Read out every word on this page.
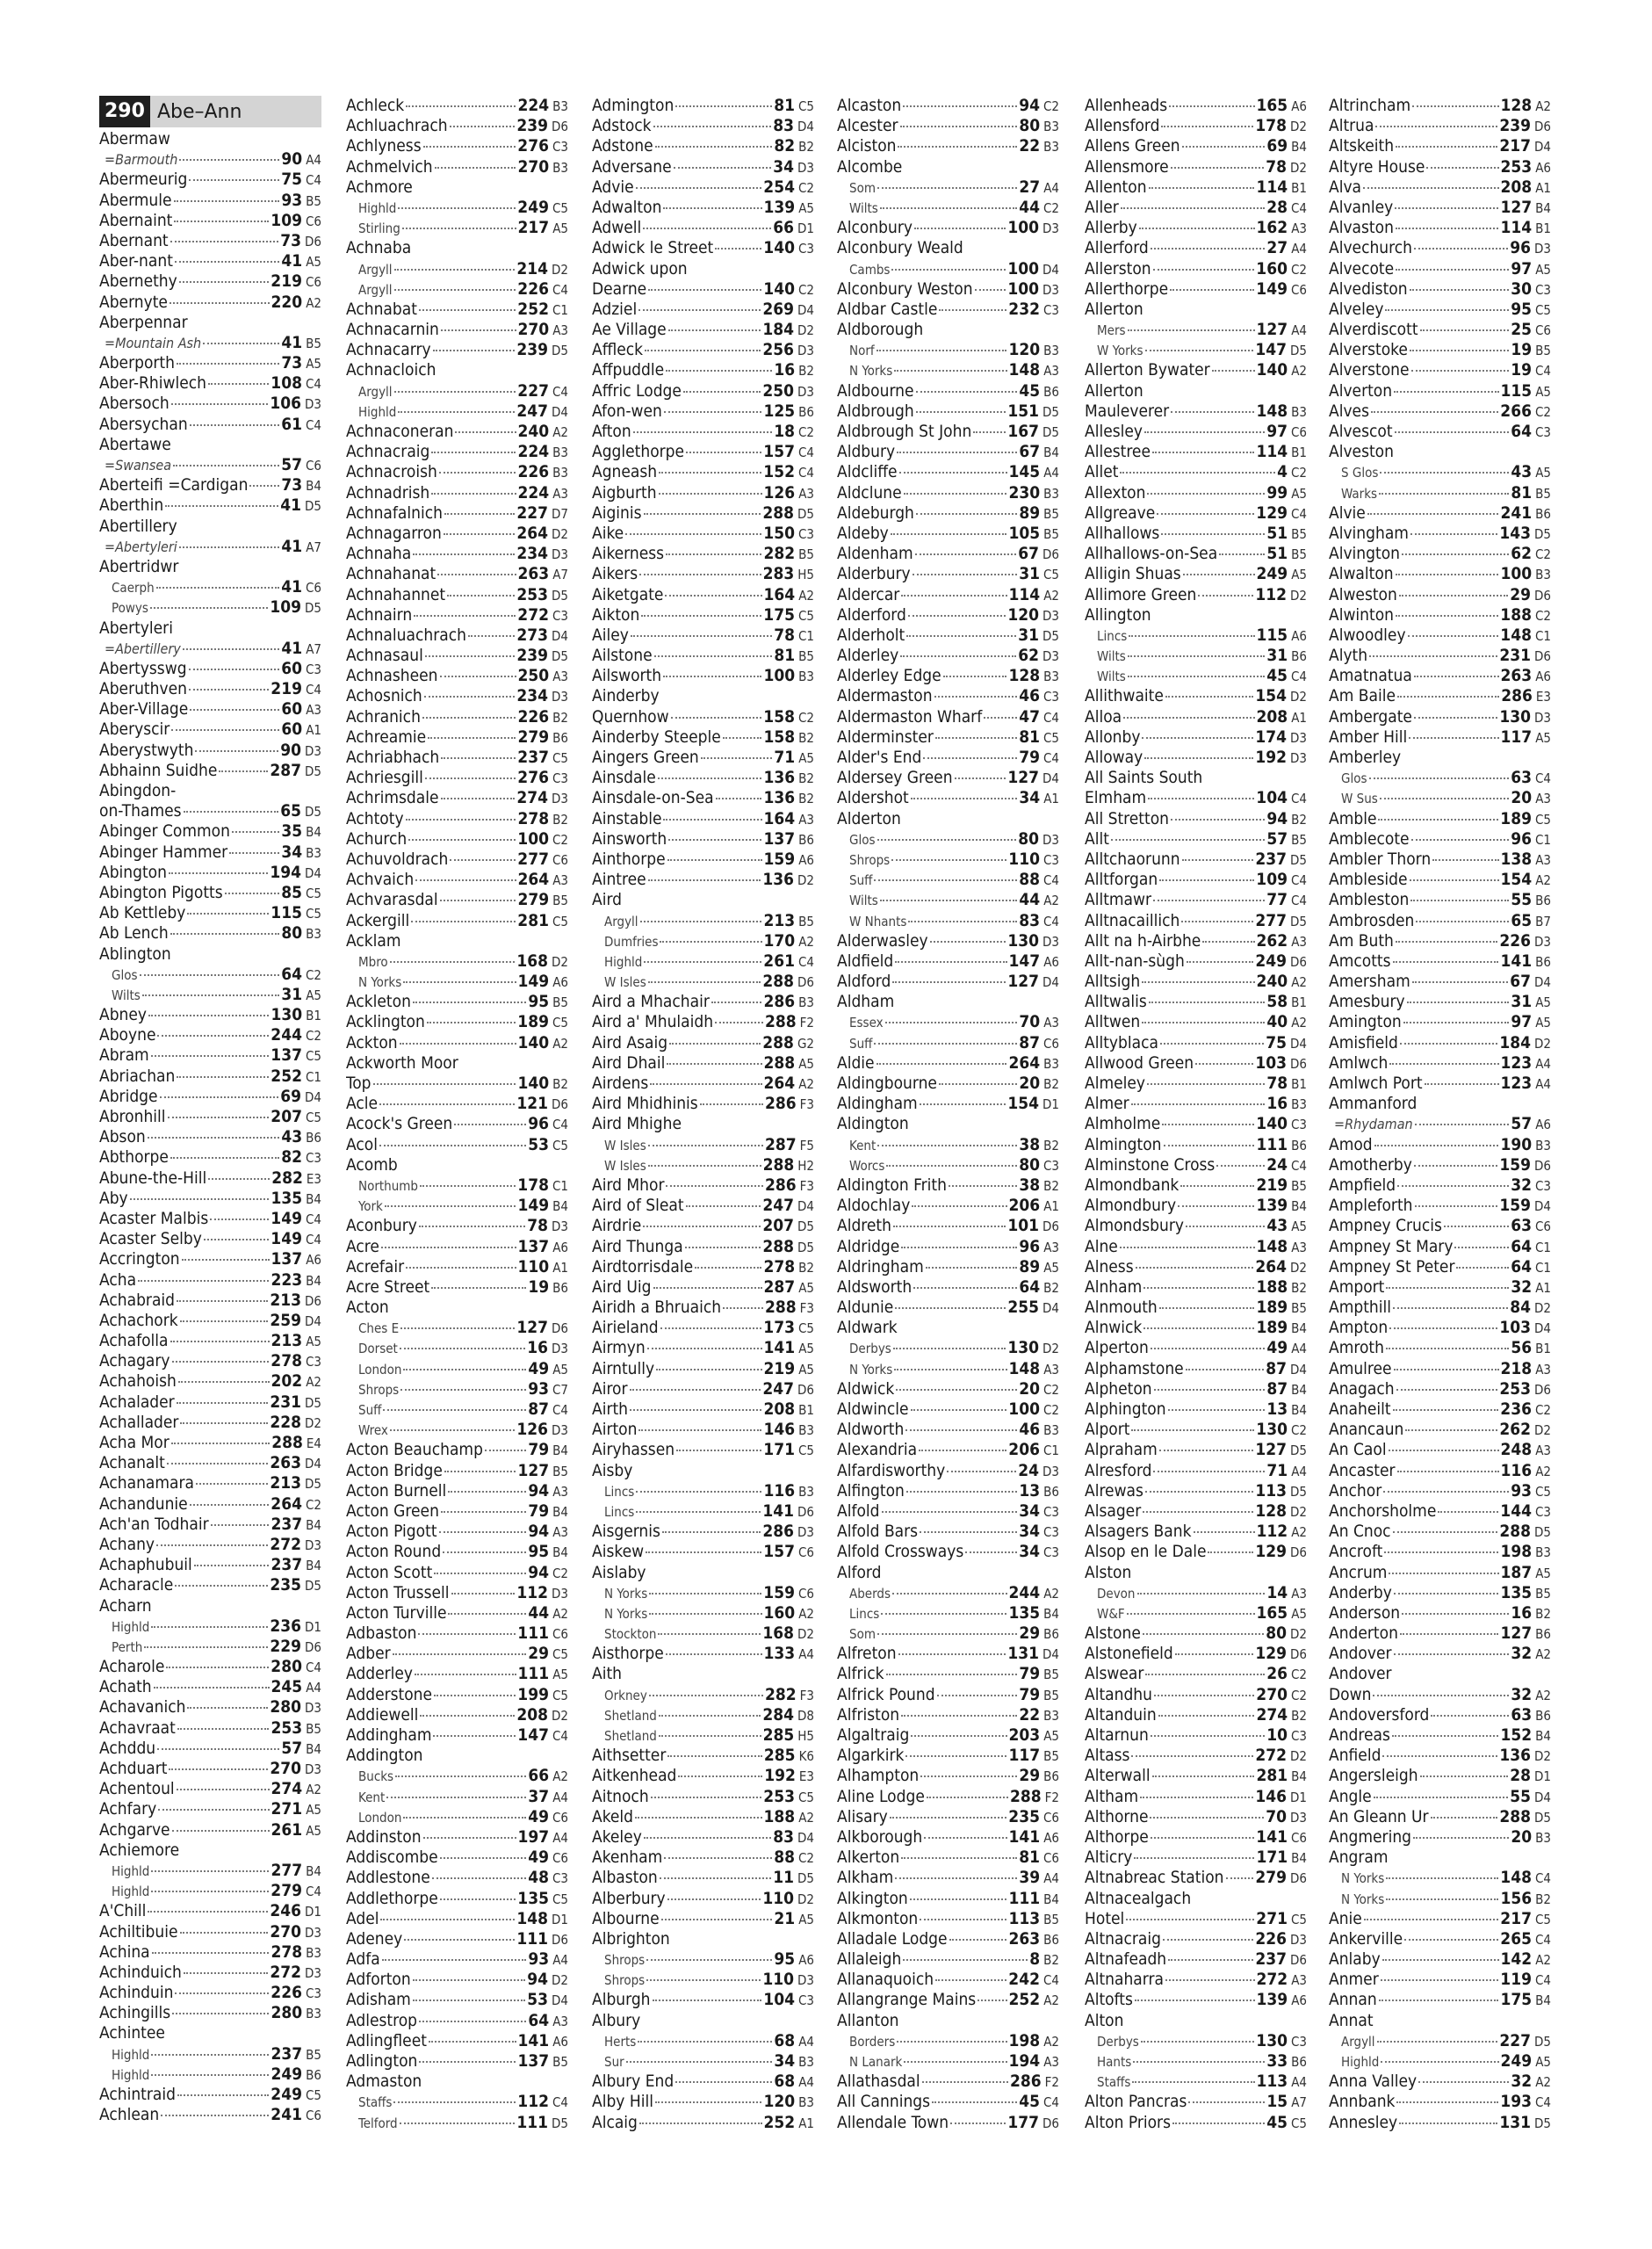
290 Abe–Ann
Abermaw
=Barmouth	90 A4
Abermeurig	75 C4
Abermule	93 B5
Abernaint	109 C6
Abernant	73 D6
Aber-nant	41 A5
Abernethy	219 C6
Abernyte	220 A2
Aberpennar
=Mountain Ash	41 B5
Aberporth	73 A5
Aber-Rhiwlech	108 C4
Abersoch	106 D3
Abersychan	61 C4
Abertawe
=Swansea	57 C6
Aberteifi =Cardigan 73 B4
Aberthin	41 D5
Abertillery
=Abertyleri	41 A7
Abertridwr
Caerph	41 C6
Powys	109 D5
Abertyleri
=Abertillery	41 A7
Abertysswg	60 C3
Aberuthven	219 C4
Aber-Village	60 A3
Aberyscir	60 A1
Aberystwyth	90 D3
Abhainn Suidhe	287 D5
Abingdon-
on-Thames	65 D5
Abinger Common	35 B4
Abinger Hammer	34 B3
Abington	194 D4
Abington Pigotts	85 C5
Ab Kettleby	115 C5
Ab Lench	80 B3
Ablington
Glos	64 C2
Wilts	31 A5
Abney	130 B1
Aboyne	244 C2
Abram	137 C5
Abriachan	252 C1
Abridge	69 D4
Abronhill	207 C5
Abson	43 B6
Abthorpe	82 C3
Abune-the-Hill	282 E3
Aby	135 B4
Acaster Malbis	149 C4
Acaster Selby	149 C4
Accrington	137 A6
Acha	223 B4
Achabraid	213 D6
Achachork	259 D4
Achafolla	213 A5
Achagary	278 C3
Achahoish	202 A2
Achalader	231 D5
Achallader	228 D2
Acha Mor	288 E4
Achanalt	263 D4
Achanamara	213 D5
Achandunie	264 C2
Ach'an Todhair	237 B4
Achany	272 D3
Achaphubuil	237 B4
Acharacle	235 D5
Acharn
Highld	236 D1
Perth	229 D6
Acharole	280 C4
Achath	245 A4
Achavanich	280 D3
Achavraat	253 B5
Achddu	57 B4
Achduart	270 D3
Achentoul	274 A2
Achfary	271 A5
Achgarve	261 A5
Achiemore
Highld	277 B4
Highld	279 C4
A'Chill	246 D1
Achiltibuie	270 D3
Achina	278 B3
Achinduich	272 D3
Achinduin	226 C3
Achingills	280 B3
Achintee
Highld	237 B5
Highld	249 B6
Achintraid	249 C5
Achlean	241 C6
Achleck	224 B3
Achluachrach	239 D6
Achlyness	276 C3
Achmelvich	270 B3
Achmore
Highld	249 C5
Stirling	217 A5
Achnaba
Argyll	214 D2
Argyll	226 C4
Achnabat	252 C1
Achnacarnin	270 A3
Achnacarry	239 D5
Achnacloich
Argyll	227 C4
Highld	247 D4
Achnaconeran	240 A2
Achnacraig	224 B3
Achnacroish	226 B3
Achnadrish	224 A3
Achnafalnich	227 D7
Achnagarron	264 D2
Achnaha	234 D3
Achnahanat	263 A7
Achnahannet	253 D5
Achnairn	272 C3
Achnaluachrach	273 D4
Achnasaul	239 D5
Achnasheen	250 A3
Achosnich	234 D3
Achranich	226 B2
Achreamie	279 B6
Achriabhach	237 C5
Achriesgill	276 C3
Achrimsdale	274 D3
Achtoty	278 B2
Achurch	100 C2
Achuvoldrach	277 C6
Achvaich	264 A3
Achvarasdal	279 B5
Ackergill	281 C5
Acklam
Mbro	168 D2
N Yorks	149 A6
Ackleton	95 B5
Acklington	189 C5
Ackton	140 A2
Ackworth Moor
Top	140 B2
Acle	121 D6
Acock's Green	96 C4
Acol	53 C5
Acomb
Northumb	178 C1
York	149 B4
Aconbury	78 D3
Acre	137 A6
Acrefair	110 A1
Acre Street	19 B6
Acton
Ches E	127 D6
Dorset	16 D3
London	49 A5
Shrops	93 C7
Suff	87 C4
Wrex	126 D3
Acton Beauchamp	79 B4
Acton Bridge	127 B5
Acton Burnell	94 A3
Acton Green	79 B4
Acton Pigott	94 A3
Acton Round	95 B4
Acton Scott	94 C2
Acton Trussell	112 D3
Acton Turville	44 A2
Adbaston	111 C6
Adber	29 C5
Adderley	111 A5
Adderstone	199 C5
Addiewell	208 D2
Addingham	147 C4
Addington
Bucks	66 A2
Kent	37 A4
London	49 C6
Addinston	197 A4
Addiscombe	49 C6
Addlestone	48 C3
Addlethorpe	135 C5
Adel	148 D1
Adeney	111 D6
Adfa	93 A4
Adforton	94 D2
Adisham	53 D4
Adlestrop	64 A3
Adlingfleet	141 A6
Adlington	137 B5
Admaston
Staffs	112 C4
Telford	111 D5
Admington	81 C5
Adstock	83 D4
Adstone	82 B2
Adversane	34 D3
Advie	254 C2
Adwalton	139 A5
Adwell	66 D1
Adwick le Street	140 C3
Adwick upon
Dearne	140 C2
Adziel	269 D4
Ae Village	184 D2
Affleck	256 D3
Affpuddle	16 B2
Affric Lodge	250 D3
Afon-wen	125 B6
Afton	18 C2
Agglethorpe	157 C4
Agneash	152 C4
Aigburth	126 A3
Aiginis	288 D5
Aike	150 C3
Aikerness	282 B5
Aikers	283 H5
Aiketgate	164 A2
Aikton	175 C5
Ailey	78 C1
Ailstone	81 B5
Ailsworth	100 B3
Ainderby
Quernhow	158 C2
Ainderby Steeple	158 B2
Aingers Green	71 A5
Ainsdale	136 B2
Ainsdale-on-Sea	136 B2
Ainstable	164 A3
Ainsworth	137 B6
Ainthorpe	159 A6
Aintree	136 D2
Aird
Argyll	213 B5
Dumfries	170 A2
Highld	261 C4
W Isles	288 D6
Aird a Mhachair	286 B3
Aird a' Mhulaidh	288 F2
Aird Asaig	288 G2
Aird Dhail	288 A5
Airdens	264 A2
Aird Mhidhinis	286 F3
Aird Mhighe
W Isles	287 F5
W Isles	288 H2
Aird Mhor	286 F3
Aird of Sleat	247 D4
Airdrie	207 D5
Aird Thunga	288 D5
Airdtorrisdale	278 B2
Aird Uig	287 A5
Airidh a Bhruaich	288 F3
Airieland	173 C5
Airmyn	141 A5
Airntully	219 A5
Airor	247 D6
Airth	208 B1
Airton	146 B3
Airyhassen	171 C5
Aisby
Lincs	116 B3
Lincs	141 D6
Aisgernis	286 D3
Aiskew	157 C6
Aislaby
N Yorks	159 C6
N Yorks	160 A2
Stockton	168 D2
Aisthorpe	133 A4
Aith
Orkney	282 F3
Shetland	284 D8
Shetland	285 H5
Aithsetter	285 K6
Aitkenhead	192 E3
Aitnoch	253 C5
Akeld	188 A2
Akeley	83 D4
Akenham	88 C2
Albaston	11 D5
Alberbury	110 D2
Albourne	21 A5
Albrighton
Shrops	95 A6
Shrops	110 D3
Alburgh	104 C3
Albury
Herts	68 A4
Sur	34 B3
Albury End	68 A4
Alby Hill	120 B3
Alcaig	252 A1
Alcaston	94 C2
Alcester	80 B3
Alciston	22 B3
Alcombe
Som	27 A4
Wilts	44 C2
Alconbury	100 D3
Alconbury Weald
Cambs	100 D4
Alconbury Weston 100 D3
Aldbar Castle	232 C3
Aldborough
Norf	120 B3
N Yorks	148 A3
Aldbourne	45 B6
Aldbrough	151 D5
Aldbrough St John 167 D5
Aldbury	67 B4
Aldcliffe	145 A4
Aldclune	230 B3
Aldeburgh	89 B5
Aldeby	105 B5
Aldenham	67 D6
Alderbury	31 C5
Aldercar	114 A2
Alderford	120 D3
Alderholt	31 D5
Alderley	62 D3
Alderley Edge	128 B3
Aldermaston	46 C3
Aldermaston Wharf 47 C4
Alderminster	81 C5
Alder's End	79 C4
Aldersey Green	127 D4
Aldershot	34 A1
Alderton
Glos	80 D3
Shrops	110 C3
Suff	88 C4
Wilts	44 A2
W Nhants	83 C4
Alderwasley	130 D3
Aldfield	147 A6
Aldford	127 D4
Aldham
Essex	70 A3
Suff	87 C6
Aldie	264 B3
Aldingbourne	20 B2
Aldingham	154 D1
Aldington
Kent	38 B2
Worcs	80 C3
Aldington Frith	38 B2
Aldochlay	206 A1
Aldreth	101 D6
Aldridge	96 A3
Aldringham	89 A5
Aldsworth	64 B2
Aldunie	255 D4
Aldwark
Derbys	130 D2
N Yorks	148 A3
Aldwick	20 C2
Aldwincle	100 C2
Aldworth	46 B3
Alexandria	206 C1
Alfardisworthy	24 D3
Alfington	13 B6
Alfold	34 C3
Alfold Bars	34 C3
Alfold Crossways	34 C3
Alford
Aberds	244 A2
Lincs	135 B4
Som	29 B6
Alfreton	131 D4
Alfrick	79 B5
Alfrick Pound	79 B5
Alfriston	22 B3
Algaltraig	203 A5
Algarkirk	117 B5
Alhampton	29 B6
Aline Lodge	288 F2
Alisary	235 C6
Alkborough	141 A6
Alkerton	81 C6
Alkham	39 A4
Alkington	111 B4
Alkmonton	113 B5
Alladale Lodge	263 B6
Allaleigh	8 B2
Allanaquoich	242 C4
Allangrange Mains 252 A2
Allanton
Borders	198 A2
N Lanark	194 A3
Allathasdal	286 F2
All Cannings	45 C4
Allendale Town	177 D6
Allenheads	165 A6
Allensford	178 D2
Allens Green	69 B4
Allensmore	78 D2
Allenton	114 B1
Aller	28 C4
Allerby	162 A3
Allerford	27 A4
Allerston	160 C2
Allerthorpe	149 C6
Allerton
Mers	127 A4
W Yorks	147 D5
Allerton Bywater	140 A2
Allerton
Mauleverer	148 B3
Allesley	97 C6
Allestree	114 B1
Allet	4 C2
Allexton	99 A5
Allgreave	129 C4
Allhallows	51 B5
Allhallows-on-Sea	51 B5
Alligin Shuas	249 A5
Allimore Green	112 D2
Allington
Lincs	115 A6
Wilts	31 B6
Wilts	45 C4
Allithwaite	154 D2
Alloa	208 A1
Allonby	174 D3
Alloway	192 D3
All Saints South
Elmham	104 C4
All Stretton	94 B2
Allt	57 B5
Alltchaorunn	237 D5
Alltforgan	109 C4
Alltmawr	77 C4
Alltnacaillich	277 D5
Allt na h-Airbhe	262 A3
Allt-nan-sùgh	249 D6
Alltsigh	240 A2
Alltwalis	58 B1
Alltwen	40 A2
Alltyblaca	75 D4
Allwood Green	103 D6
Almeley	78 B1
Almer	16 B3
Almholme	140 C3
Almington	111 B6
Alminstone Cross	24 C4
Almondbank	219 B5
Almondbury	139 B4
Almondsbury	43 A5
Alne	148 A3
Alness	264 D2
Alnham	188 B2
Alnmouth	189 B5
Alnwick	189 B4
Alperton	49 A4
Alphamstone	87 D4
Alpheton	87 B4
Alphington	13 B4
Alport	130 C2
Alpraham	127 D5
Alresford	71 A4
Alrewas	113 D5
Alsager	128 D2
Alsagers Bank	112 A2
Alsop en le Dale	129 D6
Alston
Devon	14 A3
W&F	165 A5
Alstone	80 D2
Alstonefield	129 D6
Alswear	26 C2
Altandhu	270 C2
Altanduin	274 B2
Altarnun	10 C3
Altass	272 D2
Alterwall	281 B4
Altham	146 D1
Althorne	70 D3
Althorpe	141 C6
Alticry	171 B4
Altnabreac Station 279 D6
Altnacealgach
Hotel	271 C5
Altnacraig	226 D3
Altnafeadh	237 D6
Altnaharra	272 A3
Altofts	139 A6
Alton
Derbys	130 C3
Hants	33 B6
Staffs	113 A4
Alton Pancras	15 A7
Alton Priors	45 C5
Altrincham	128 A2
Altrua	239 D6
Altskeith	217 D4
Altyre House	253 A6
Alva	208 A1
Alvanley	127 B4
Alvaston	114 B1
Alvechurch	96 D3
Alvecote	97 A5
Alvediston	30 C3
Alveley	95 C5
Alverdiscott	25 C6
Alverstoke	19 B5
Alverstone	19 C4
Alverton	115 A5
Alves	266 C2
Alvescot	64 C3
Alveston
S Glos	43 A5
Warks	81 B5
Alvie	241 B6
Alvingham	143 D5
Alvington	62 C2
Alwalton	100 B3
Alweston	29 D6
Alwinton	188 C2
Alwoodley	148 C1
Alyth	231 D6
Amatnatua	263 A6
Am Baile	286 E3
Ambergate	130 D3
Amber Hill	117 A5
Amberley
Glos	63 C4
W Sus	20 A3
Amble	189 C5
Amblecote	96 C1
Ambler Thorn	138 A3
Ambleside	154 A2
Ambleston	55 B6
Ambrosden	65 B7
Am Buth	226 D3
Amcotts	141 B6
Amersham	67 D4
Amesbury	31 A5
Amington	97 A5
Amisfield	184 D2
Amlwch	123 A4
Amlwch Port	123 A4
Ammanford
=Rhydaman	57 A6
Amod	190 B3
Amotherby	159 D6
Ampfield	32 C3
Ampleforth	159 D4
Ampney Crucis	63 C6
Ampney St Mary	64 C1
Ampney St Peter	64 C1
Amport	32 A1
Ampthill	84 D2
Ampton	103 D4
Amroth	56 B1
Amulree	218 A3
Anagach	253 D6
Anaheilt	236 C2
Anancaun	262 D2
An Caol	248 A3
Ancaster	116 A2
Anchor	93 C5
Anchorsholme	144 C3
An Cnoc	288 D5
Ancroft	198 B3
Ancrum	187 A5
Anderby	135 B5
Anderson	16 B2
Anderton	127 B6
Andover	32 A2
Andover
Down	32 A2
Andoversford	63 B6
Andreas	152 B4
Anfield	136 D2
Angersleigh	28 D1
Angle	55 D4
An Gleann Ur	288 D5
Angmering	20 B3
Angram
N Yorks	148 C4
N Yorks	156 B2
Anie	217 C5
Ankerville	265 C4
Anlaby	142 A2
Anmer	119 C4
Annan	175 B4
Annat
Argyll	227 D5
Highld	249 A5
Anna Valley	32 A2
Annbank	193 C4
Annesley	131 D5
